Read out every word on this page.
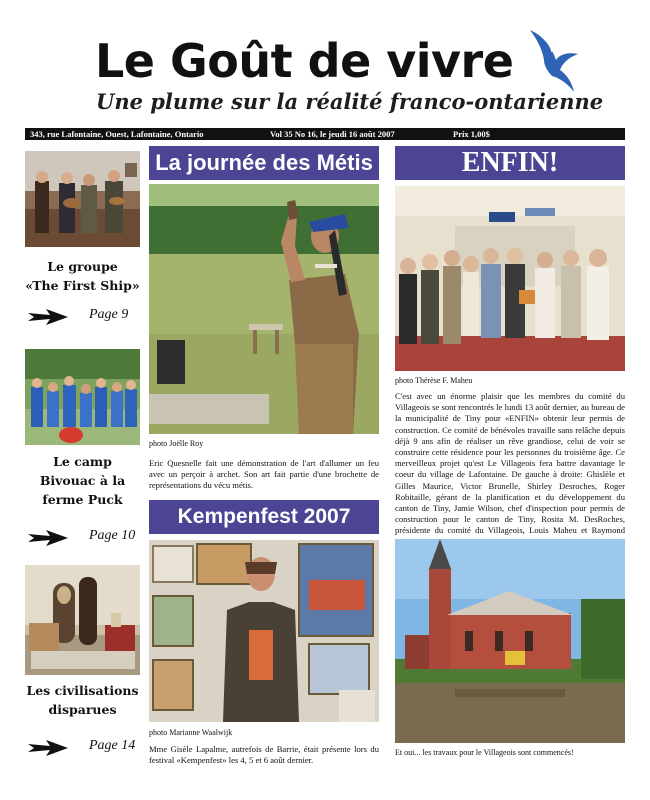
Le Goût de vivre
Une plume sur la réalité franco-ontarienne
343, rue Lafontaine, Ouest, Lafontaine, Ontario	Vol 35 No 16, le jeudi 16 août 2007	Prix 1,00$
Le groupe
«The First Ship»
Page 9
Le camp
Bivouac à la
ferme Puck
Page 10
Les civilisations
disparues
Page 14
La journée des Métis
photo Joëlle Roy
Eric Quesnelle fait une démonstration de l'art d'allumer un feu avec un perçoir à archet. Son art fait partie d'une brochette de représentations du vécu métis.
Kempenfest 2007
photo Marianne Waalwijk
Mme Gisèle Lapalme, autrefois de Barrie, était présente lors du festival «Kempenfest» les 4, 5 et 6 août dernier.
ENFIN!
photo Thérèse F. Maheu
C'est avec un énorme plaisir que les membres du comité du Villageois se sont rencontrés le lundi 13 août dernier, au bureau de la municipalité de Tiny pour «ENFIN» obtenir leur permis de construction. Ce comité de bénévoles travaille sans relâche depuis déjà 9 ans afin de réaliser un rêve grandiose, celui de voir se construire cette résidence pour les personnes du troisième âge. Ce merveilleux projet qu'est Le Villageois fera battre davantage le coeur du village de Lafontaine. De gauche à droite: Ghislèle et Gilles Maurice, Victor Brunelle, Shirley Desroches, Roger Robitaille, gérant de la planification et du développement du canton de Tiny, Jamie Wilson, chef d'inspection pour permis de construction pour le canton de Tiny, Rosita M. DesRoches, présidente du comité du Villageois, Louis Maheu et Raymond
Et oui... les travaux pour le Villageois sont commencés!
